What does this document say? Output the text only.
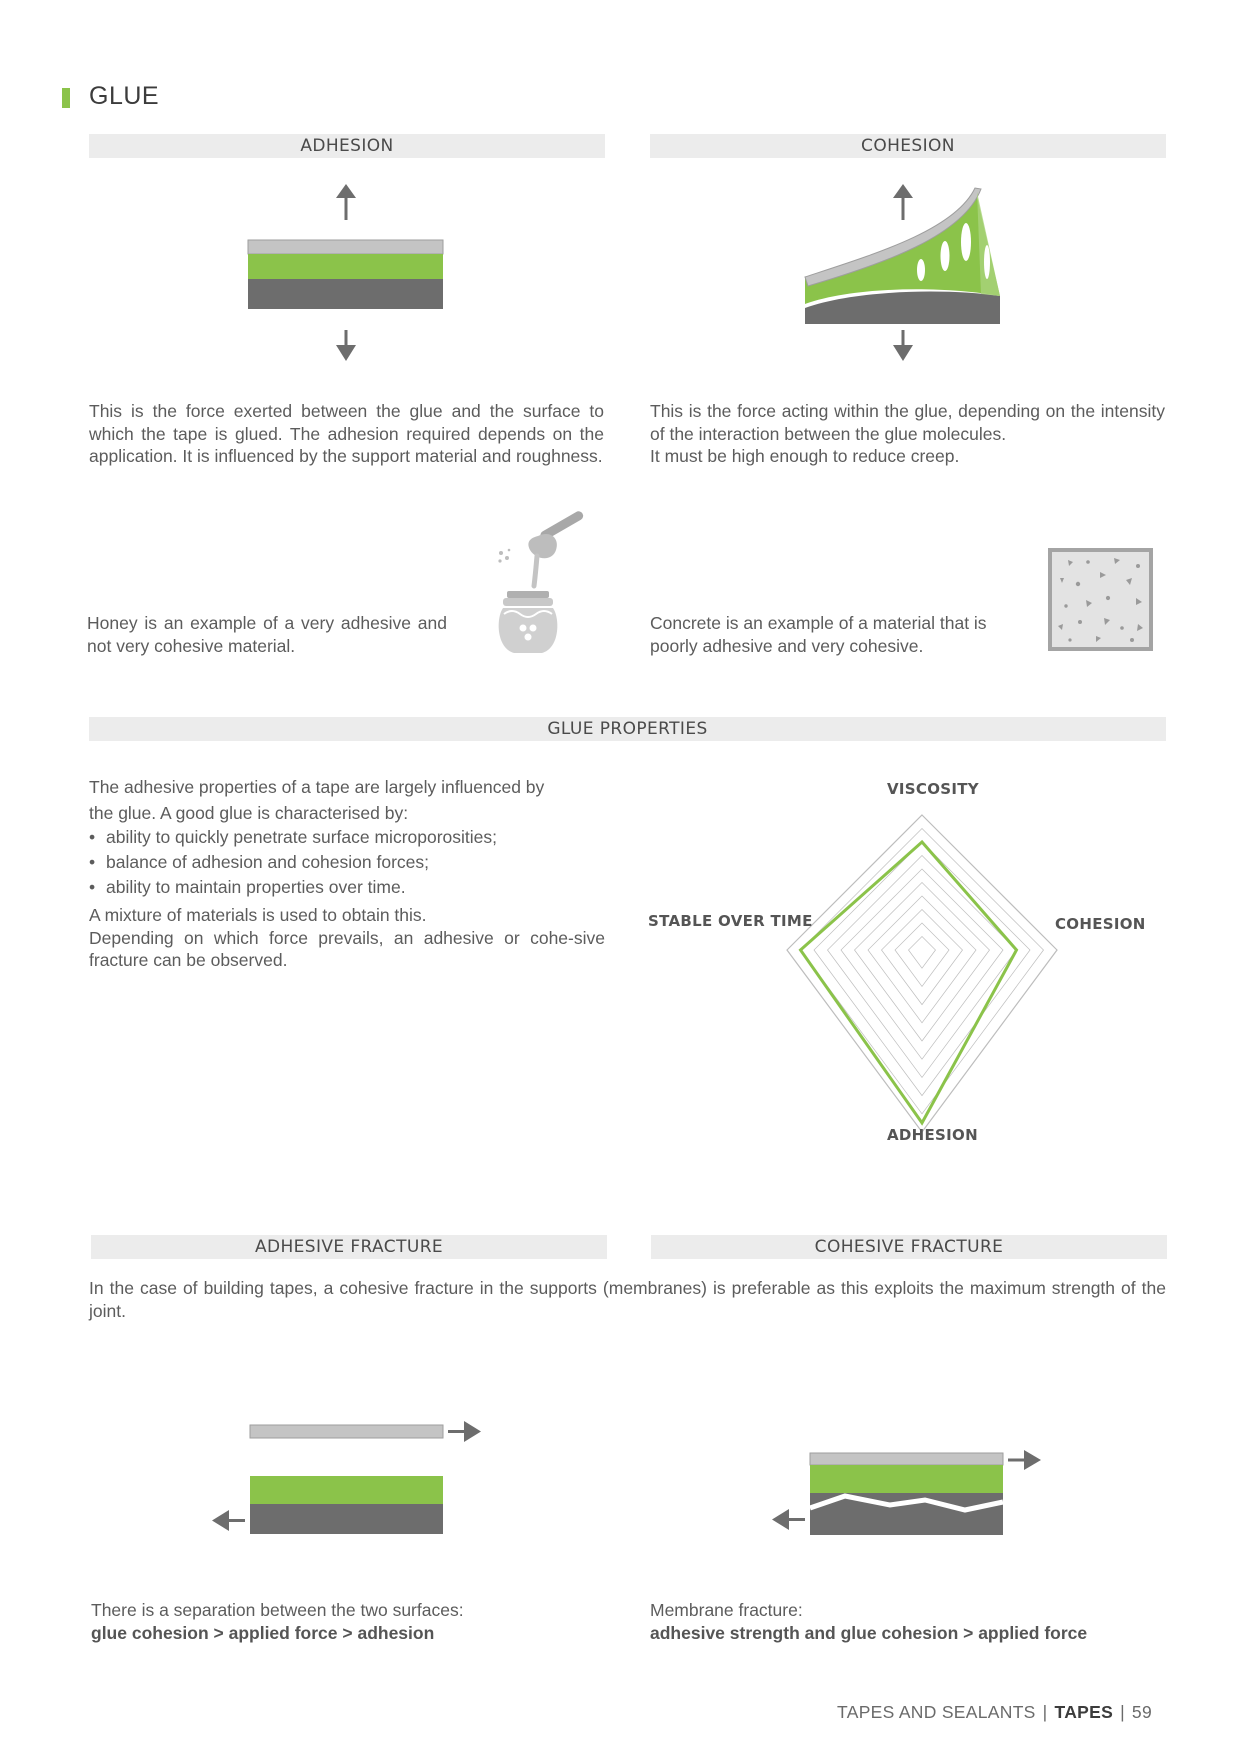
GLUE
ADHESION	COHESION

This is the force exerted between the glue and the surface to which the tape is glued. The adhesion required depends on the application. It is influenced by the support material and roughness.

This is the force acting within the glue, depending on the intensity of the interaction between the glue molecules.

It must be high enough to reduce creep.

Honey is an example of a very adhesive and not very cohesive material.

Concrete is an example of a material that is poorly adhesive and very cohesive.

GLUE PROPERTIES

The adhesive properties of a tape are largely influenced by

the glue. A good glue is characterised by:

• ability to quickly penetrate surface microporosities;
• balance of adhesion and cohesion forces;
• ability to maintain properties over time.

A mixture of materials is used to obtain this.

Depending on which force prevails, an adhesive or cohe-sive fracture can be observed.

VISCOSITY
COHESION
ADHESION
STABLE OVER TIME
ADHESIVE FRACTURE	COHESIVE FRACTURE

In the case of building tapes, a cohesive fracture in the supports (membranes) is preferable as this exploits the maximum strength of the joint.

There is a separation between the two surfaces:

glue cohesion > applied force > adhesion

Membrane fracture:

adhesive strength and glue cohesion > applied force

TAPES AND SEALANTS | TAPES | 59
